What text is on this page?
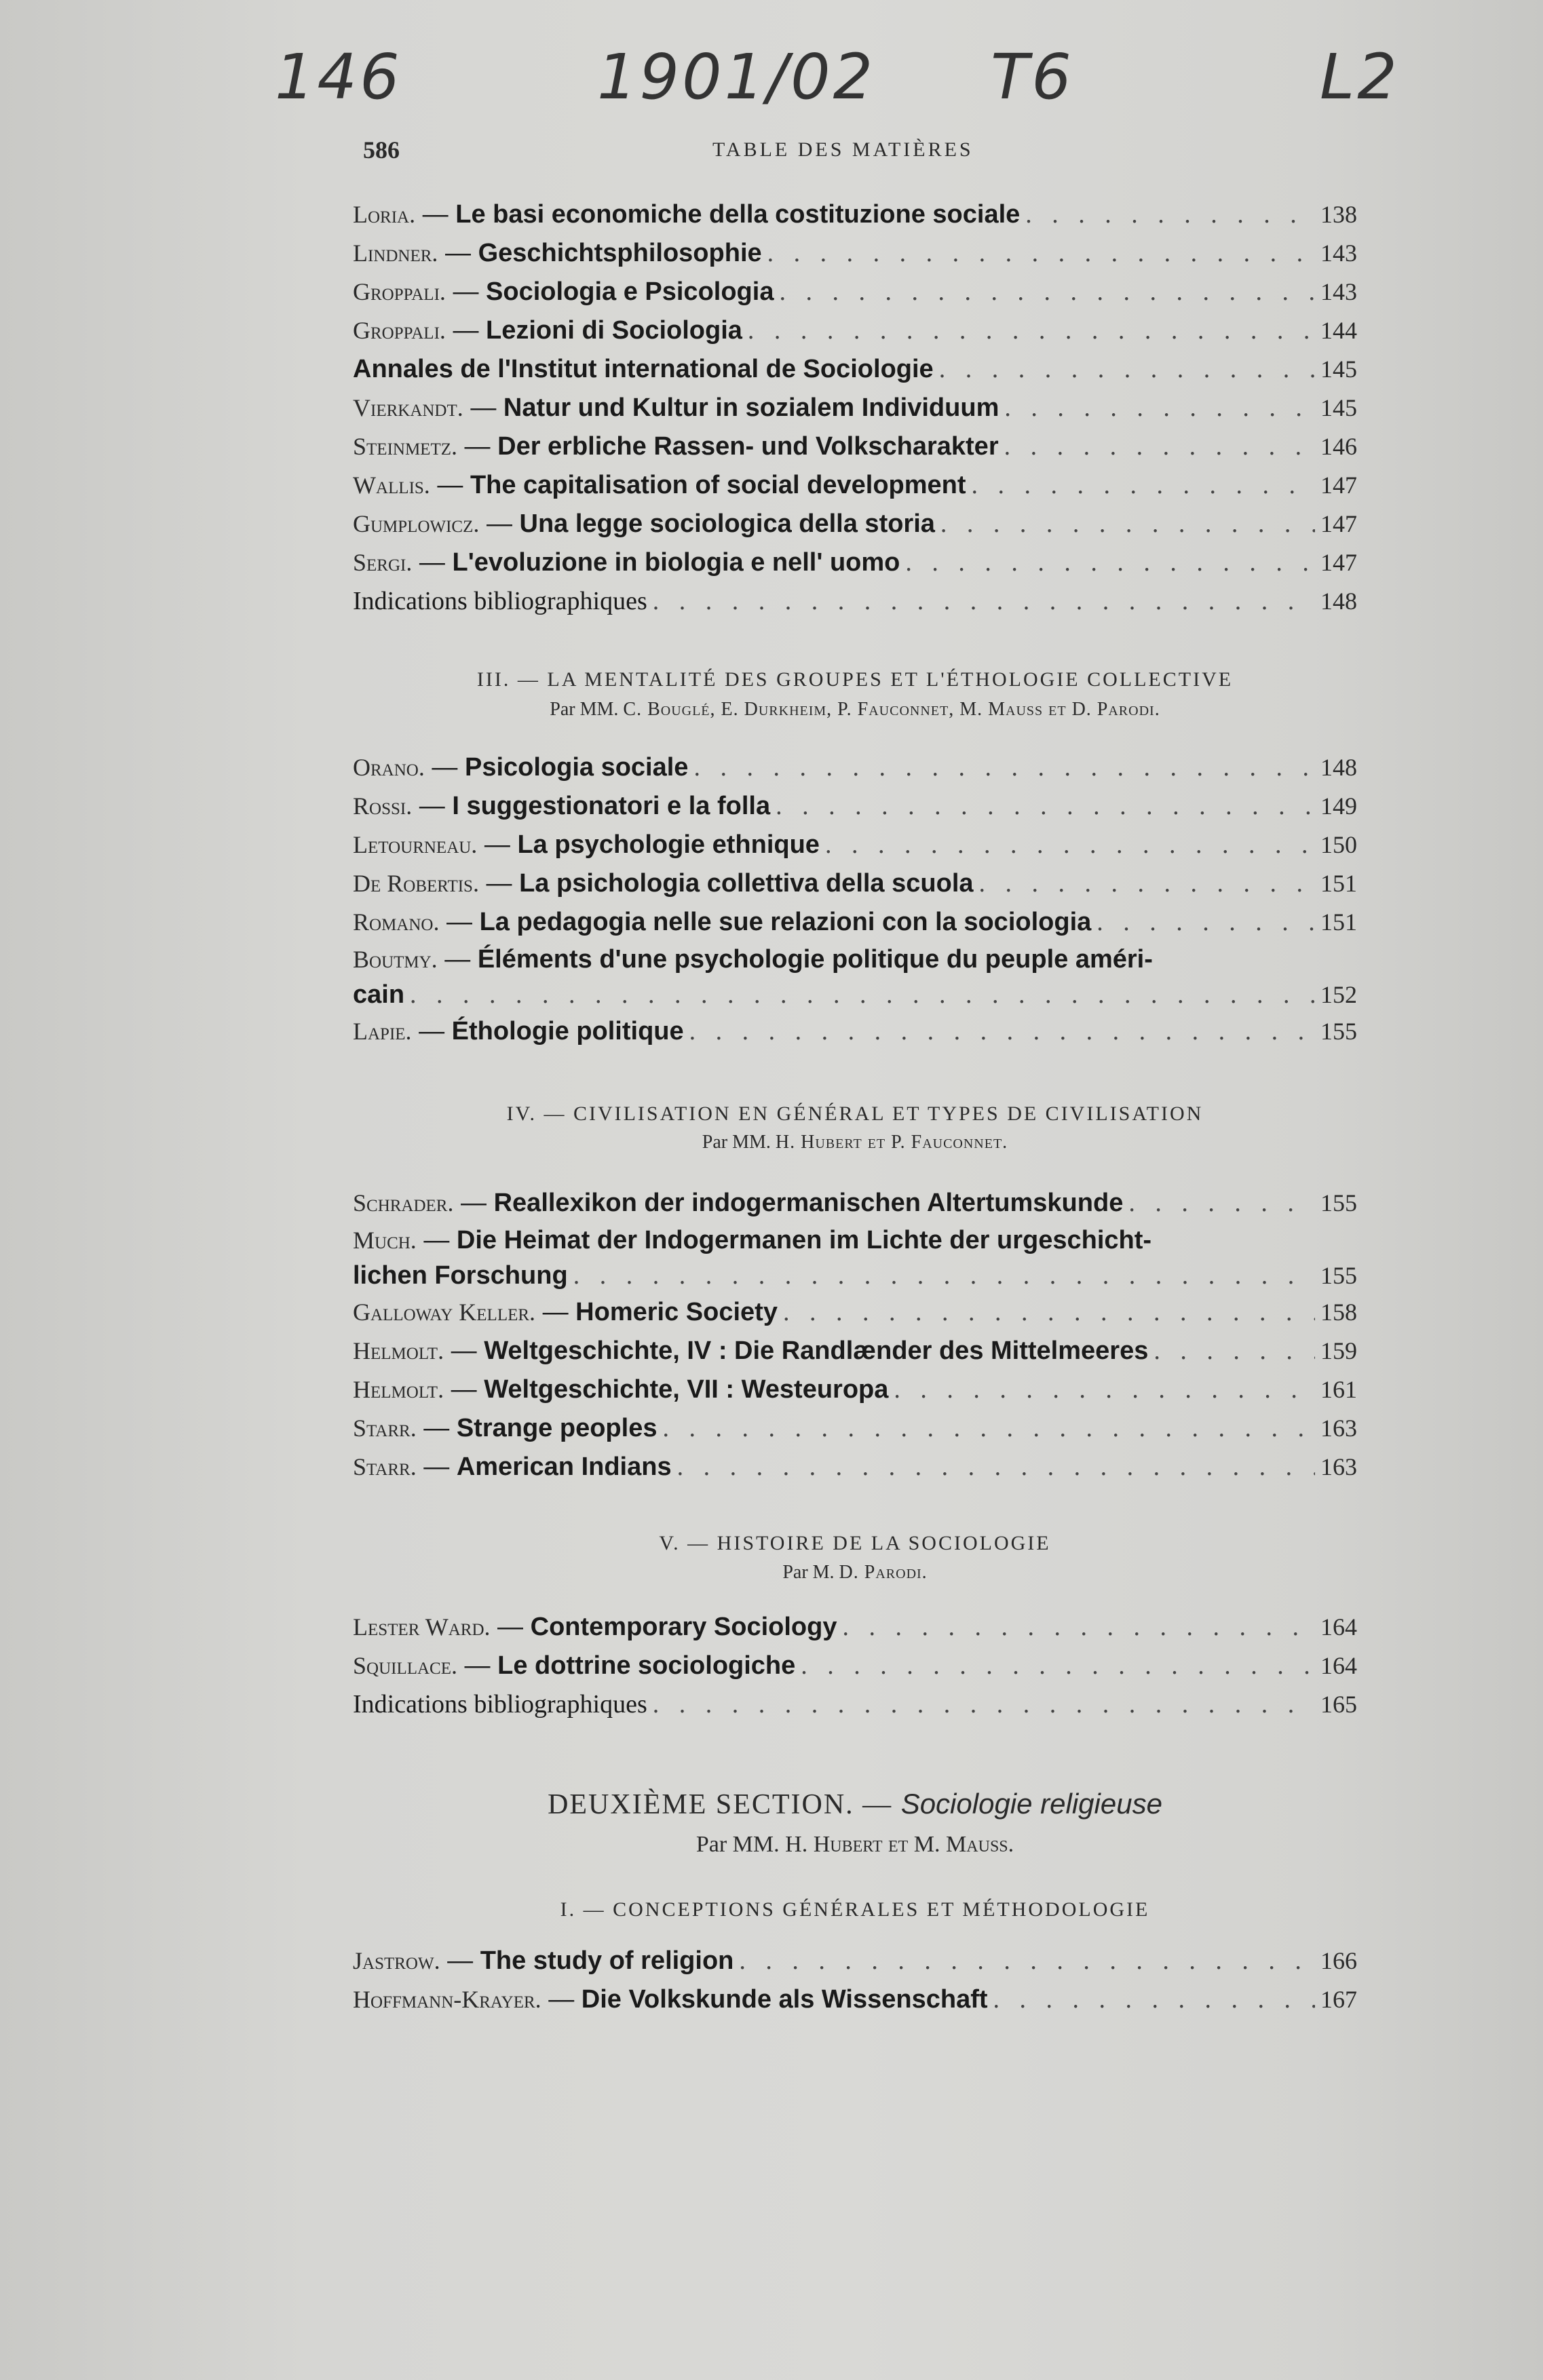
146	1901/02 T6	L2
586	TABLE DES MATIÈRES
Loria. — Le basi economiche della costituzione sociale . . .	138
Lindner. — Geschichtsphilosophie . . .	143
Groppali. — Sociologia e Psicologia . . .	143
Groppali. — Lezioni di Sociologia . . .	144
Annales de l'Institut international de Sociologie . . .	145
Vierkandt. — Natur und Kultur in sozialem Individuum . . .	145
Steinmetz. — Der erbliche Rassen- und Volkscharakter . . .	146
Wallis. — The capitalisation of social development . . .	147
Gumplowicz. — Una legge sociologica della storia . . .	147
Sergi. — L'evoluzione in biologia e nell' uomo . . .	147
Indications bibliographiques . . .	148
III. — LA MENTALITÉ DES GROUPES ET L'ÉTHOLOGIE COLLECTIVE
Par MM. C. Bouglé, E. Durkheim, P. Fauconnet, M. Mauss et D. Parodi.
Orano. — Psicologia sociale . . .	148
Rossi. — I suggestionatori e la folla . . .	149
Letourneau. — La psychologie ethnique . . .	150
De Robertis. — La psichologia collettiva della scuola . . .	151
Romano. — La pedagogia nelle sue relazioni con la sociologia . . .	151
Boutmy. — Éléments d'une psychologie politique du peuple améri-
cain . . .	152
Lapie. — Éthologie politique . . .	155
IV. — CIVILISATION EN GÉNÉRAL ET TYPES DE CIVILISATION
Par MM. H. Hubert et P. Fauconnet.
Schrader. — Reallexikon der indogermanischen Altertumskunde . . .	155
Much. — Die Heimat der Indogermanen im Lichte der urgeschicht-
lichen Forschung . . .	155
Galloway Keller. — Homeric Society . . .	158
Helmolt. — Weltgeschichte, IV : Die Randlænder des Mittelmeeres . . .	159
Helmolt. — Weltgeschichte, VII : Westeuropa . . .	161
Starr. — Strange peoples . . .	163
Starr. — American Indians . . .	163
V. — HISTOIRE DE LA SOCIOLOGIE
Par M. D. Parodi.
Lester Ward. — Contemporary Sociology . . .	164
Squillace. — Le dottrine sociologiche . . .	164
Indications bibliographiques . . .	165
DEUXIÈME SECTION. — Sociologie religieuse
Par MM. H. Hubert et M. Mauss.
I. — CONCEPTIONS GÉNÉRALES ET MÉTHODOLOGIE
Jastrow. — The study of religion . . .	166
Hoffmann-Krayer. — Die Volkskunde als Wissenschaft . . .	167
